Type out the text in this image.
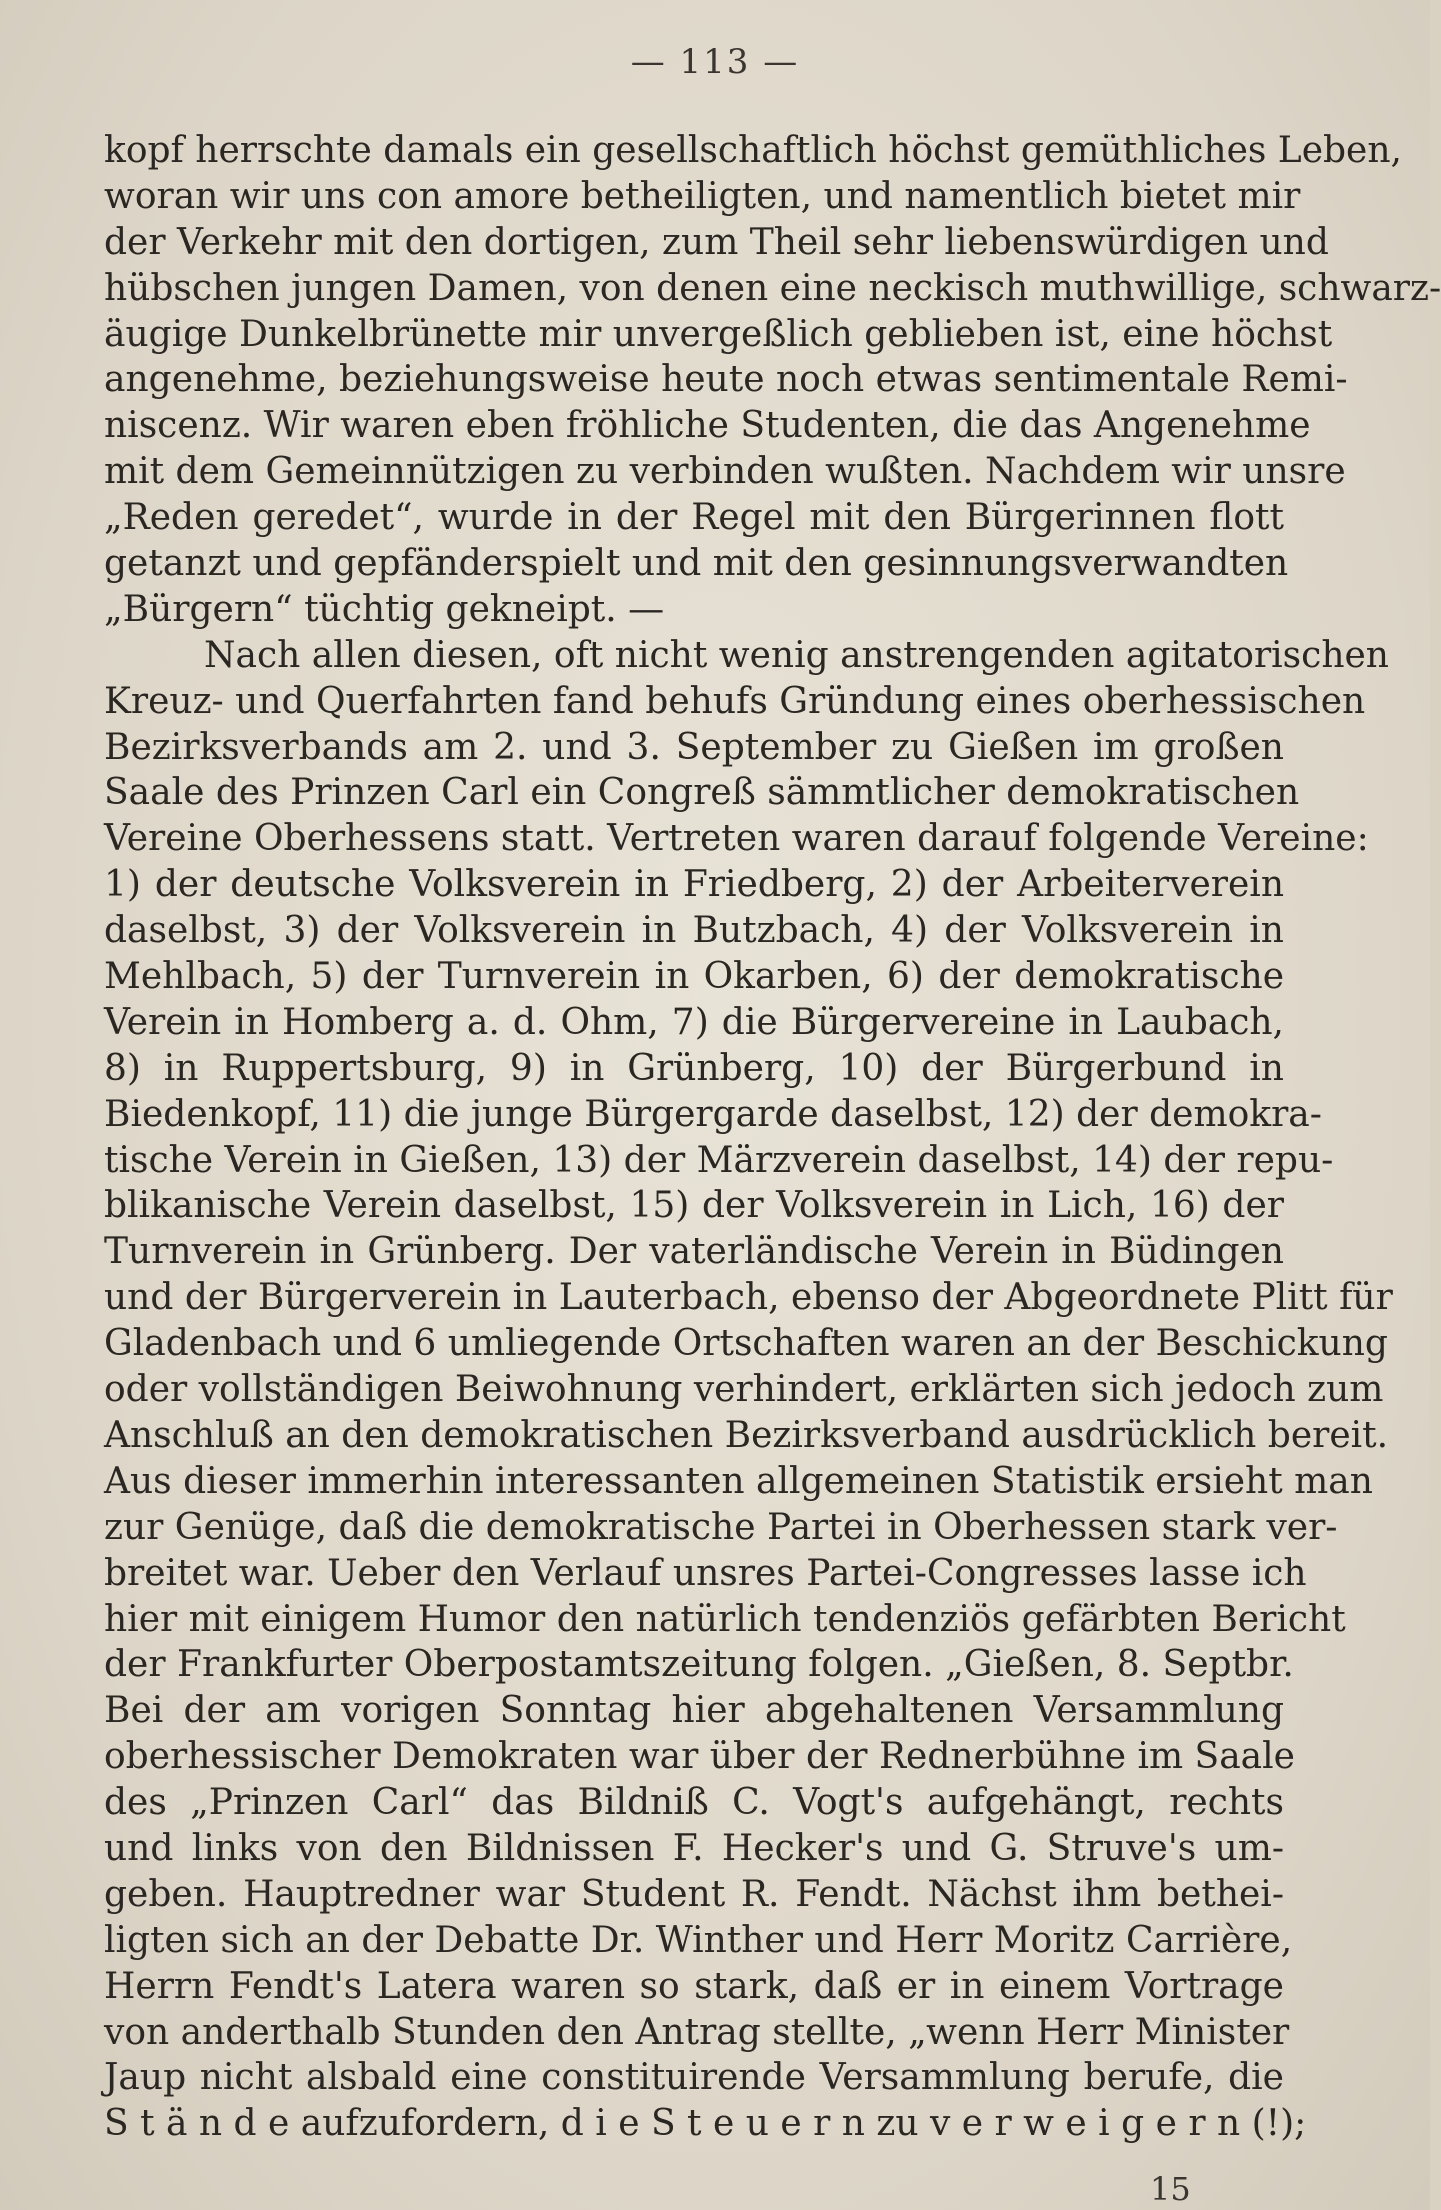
— 113 —
kopf herrschte damals ein gesellschaftlich höchst gemüthliches Leben,
woran wir uns con amore betheiligten, und namentlich bietet mir
der Verkehr mit den dortigen, zum Theil sehr liebenswürdigen und
hübschen jungen Damen, von denen eine neckisch muthwillige, schwarz-
äugige Dunkelbrünette mir unvergeßlich geblieben ist, eine höchst
angenehme, beziehungsweise heute noch etwas sentimentale Remi-
niscenz. Wir waren eben fröhliche Studenten, die das Angenehme
mit dem Gemeinnützigen zu verbinden wußten. Nachdem wir unsre
„Reden geredet“, wurde in der Regel mit den Bürgerinnen flott
getanzt und gepfänderspielt und mit den gesinnungsverwandten
„Bürgern“ tüchtig gekneipt. —
Nach allen diesen, oft nicht wenig anstrengenden agitatorischen
Kreuz- und Querfahrten fand behufs Gründung eines oberhessischen
Bezirksverbands am 2. und 3. September zu Gießen im großen
Saale des Prinzen Carl ein Congreß sämmtlicher demokratischen
Vereine Oberhessens statt. Vertreten waren darauf folgende Vereine:
1) der deutsche Volksverein in Friedberg, 2) der Arbeiterverein
daselbst, 3) der Volksverein in Butzbach, 4) der Volksverein in
Mehlbach, 5) der Turnverein in Okarben, 6) der demokratische
Verein in Homberg a. d. Ohm, 7) die Bürgervereine in Laubach,
8) in Ruppertsburg, 9) in Grünberg, 10) der Bürgerbund in
Biedenkopf, 11) die junge Bürgergarde daselbst, 12) der demokra-
tische Verein in Gießen, 13) der Märzverein daselbst, 14) der repu-
blikanische Verein daselbst, 15) der Volksverein in Lich, 16) der
Turnverein in Grünberg. Der vaterländische Verein in Büdingen
und der Bürgerverein in Lauterbach, ebenso der Abgeordnete Plitt für
Gladenbach und 6 umliegende Ortschaften waren an der Beschickung
oder vollständigen Beiwohnung verhindert, erklärten sich jedoch zum
Anschluß an den demokratischen Bezirksverband ausdrücklich bereit.
Aus dieser immerhin interessanten allgemeinen Statistik ersieht man
zur Genüge, daß die demokratische Partei in Oberhessen stark ver-
breitet war. Ueber den Verlauf unsres Partei-Congresses lasse ich
hier mit einigem Humor den natürlich tendenziös gefärbten Bericht
der Frankfurter Oberpostamtszeitung folgen. „Gießen, 8. Septbr.
Bei der am vorigen Sonntag hier abgehaltenen Versammlung
oberhessischer Demokraten war über der Rednerbühne im Saale
des „Prinzen Carl“ das Bildniß C. Vogt's aufgehängt, rechts
und links von den Bildnissen F. Hecker's und G. Struve's um-
geben. Hauptredner war Student R. Fendt. Nächst ihm bethei-
ligten sich an der Debatte Dr. Winther und Herr Moritz Carrière,
Herrn Fendt's Latera waren so stark, daß er in einem Vortrage
von anderthalb Stunden den Antrag stellte, „wenn Herr Minister
Jaup nicht alsbald eine constituirende Versammlung berufe, die
S t ä n d e aufzufordern, d i e S t e u e r n zu v e r w e i g e r n (!);
15
